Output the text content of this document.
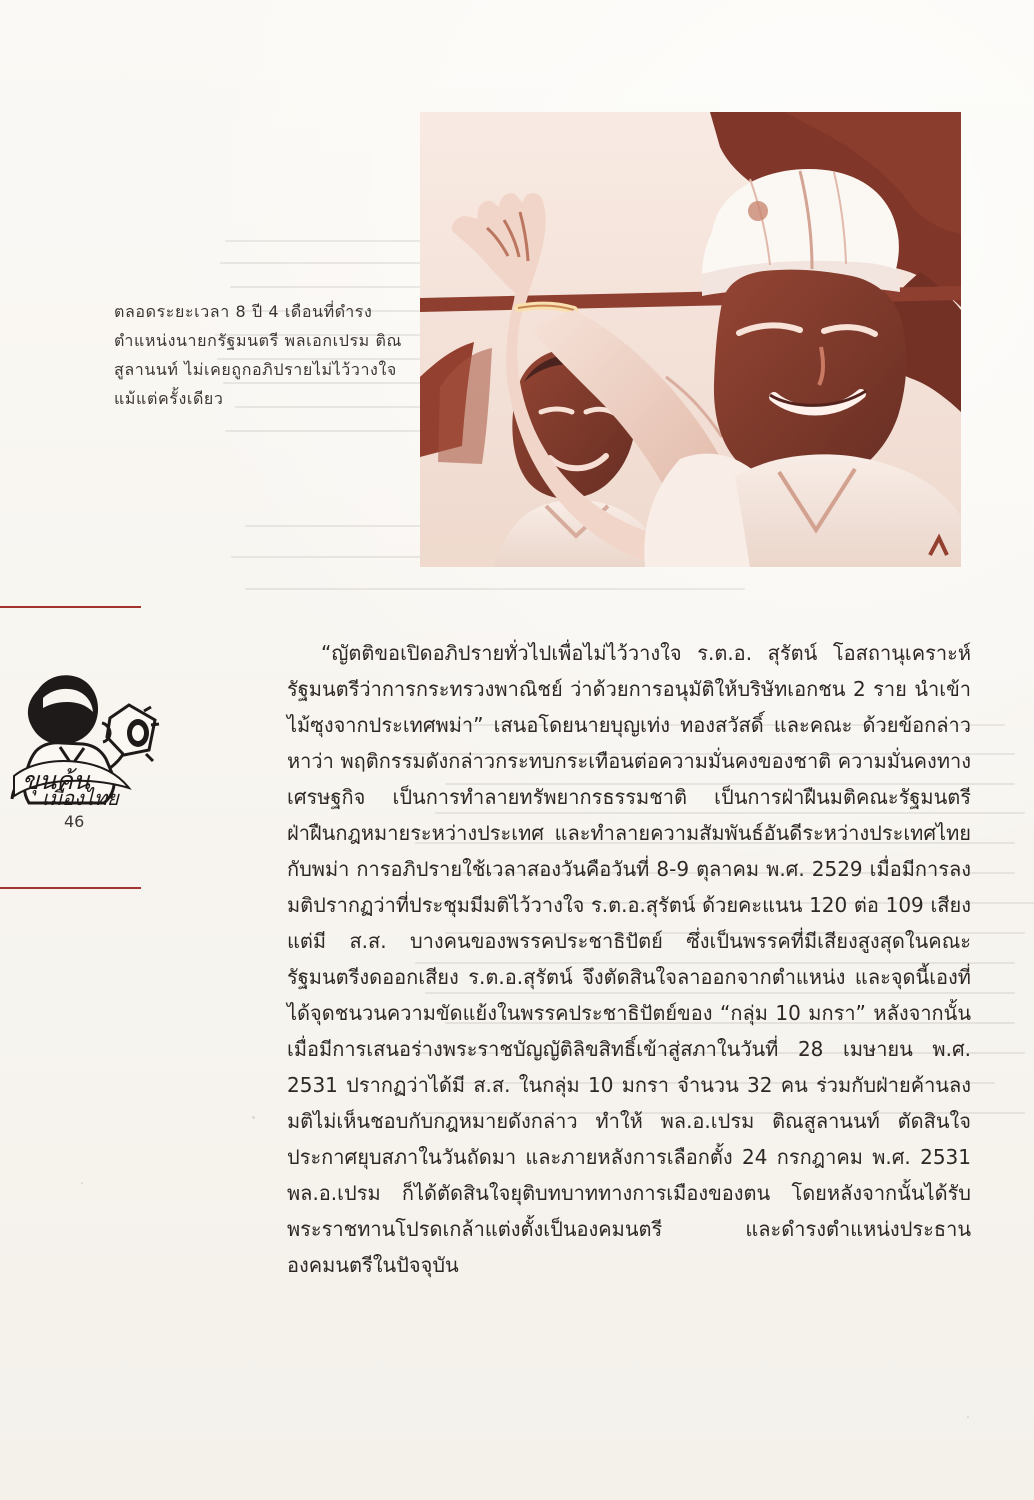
ตลอดระยะเวลา 8 ปี 4 เดือนที่ดำรงตำแหน่งนายกรัฐมนตรี พลเอกเปรม ติณสูลานนท์ ไม่เคยถูกอภิปรายไม่ไว้วางใจแม้แต่ครั้งเดียว
ขุนค้น
เมืองไทย
46

“ญัตติขอเปิดอภิปรายทั่วไปเพื่อไม่ไว้วางใจ ร.ต.อ. สุรัตน์ โอสถานุเคราะห์ รัฐมนตรีว่าการกระทรวงพาณิชย์ ว่าด้วยการอนุมัติให้บริษัทเอกชน 2 ราย นำเข้าไม้ซุงจากประเทศพม่า” เสนอโดยนายบุญเท่ง ทองสวัสดิ์ และคณะ ด้วยข้อกล่าวหาว่า พฤติกรรมดังกล่าวกระทบกระเทือนต่อความมั่นคงของชาติ ความมั่นคงทางเศรษฐกิจ เป็นการทำลายทรัพยากรธรรมชาติ เป็นการฝ่าฝืนมติคณะรัฐมนตรี ฝ่าฝืนกฎหมายระหว่างประเทศ และทำลายความสัมพันธ์อันดีระหว่างประเทศไทยกับพม่า การอภิปรายใช้เวลาสองวันคือวันที่ 8-9 ตุลาคม พ.ศ. 2529 เมื่อมีการลงมติปรากฏว่าที่ประชุมมีมติไว้วางใจ ร.ต.อ.สุรัตน์ ด้วยคะแนน 120 ต่อ 109 เสียง แต่มี ส.ส. บางคนของพรรคประชาธิปัตย์ ซึ่งเป็นพรรคที่มีเสียงสูงสุดในคณะรัฐมนตรีงดออกเสียง ร.ต.อ.สุรัตน์ จึงตัดสินใจลาออกจากตำแหน่ง และจุดนี้เองที่ได้จุดชนวนความขัดแย้งในพรรคประชาธิปัตย์ของ “กลุ่ม 10 มกรา” หลังจากนั้นเมื่อมีการเสนอร่างพระราชบัญญัติลิขสิทธิ์เข้าสู่สภาในวันที่ 28 เมษายน พ.ศ. 2531 ปรากฏว่าได้มี ส.ส. ในกลุ่ม 10 มกรา จำนวน 32 คน ร่วมกับฝ่ายค้านลงมติไม่เห็นชอบกับกฎหมายดังกล่าว ทำให้ พล.อ.เปรม ติณสูลานนท์ ตัดสินใจประกาศยุบสภาในวันถัดมา และภายหลังการเลือกตั้ง 24 กรกฎาคม พ.ศ. 2531 พล.อ.เปรม ก็ได้ตัดสินใจยุติบทบาททางการเมืองของตน โดยหลังจากนั้นได้รับพระราชทานโปรดเกล้าแต่งตั้งเป็นองคมนตรี และดำรงตำแหน่งประธานองคมนตรีในปัจจุบัน
